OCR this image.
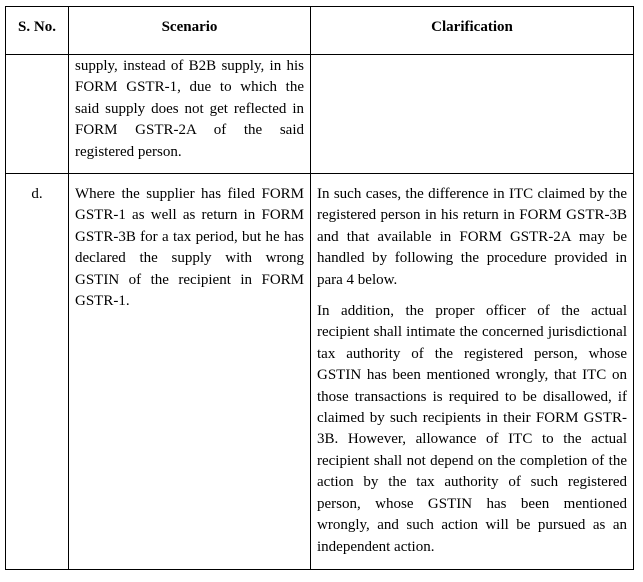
S. No.	Scenario	Clarification

	supply, instead of B2B supply, in his FORM GSTR-1, due to which the said supply does not get reflected in FORM GSTR-2A of the said registered person.	

d.	Where the supplier has filed FORM GSTR-1 as well as return in FORM GSTR-3B for a tax period, but he has declared the supply with wrong GSTIN of the recipient in FORM GSTR-1.	In such cases, the difference in ITC claimed by the registered person in his return in FORM GSTR-3B and that available in FORM GSTR-2A may be handled by following the procedure provided in para 4 below.

In addition, the proper officer of the actual recipient shall intimate the concerned jurisdictional tax authority of the registered person, whose GSTIN has been mentioned wrongly, that ITC on those transactions is required to be disallowed, if claimed by such recipients in their FORM GSTR-3B. However, allowance of ITC to the actual recipient shall not depend on the completion of the action by the tax authority of such registered person, whose GSTIN has been mentioned wrongly, and such action will be pursued as an independent action.
